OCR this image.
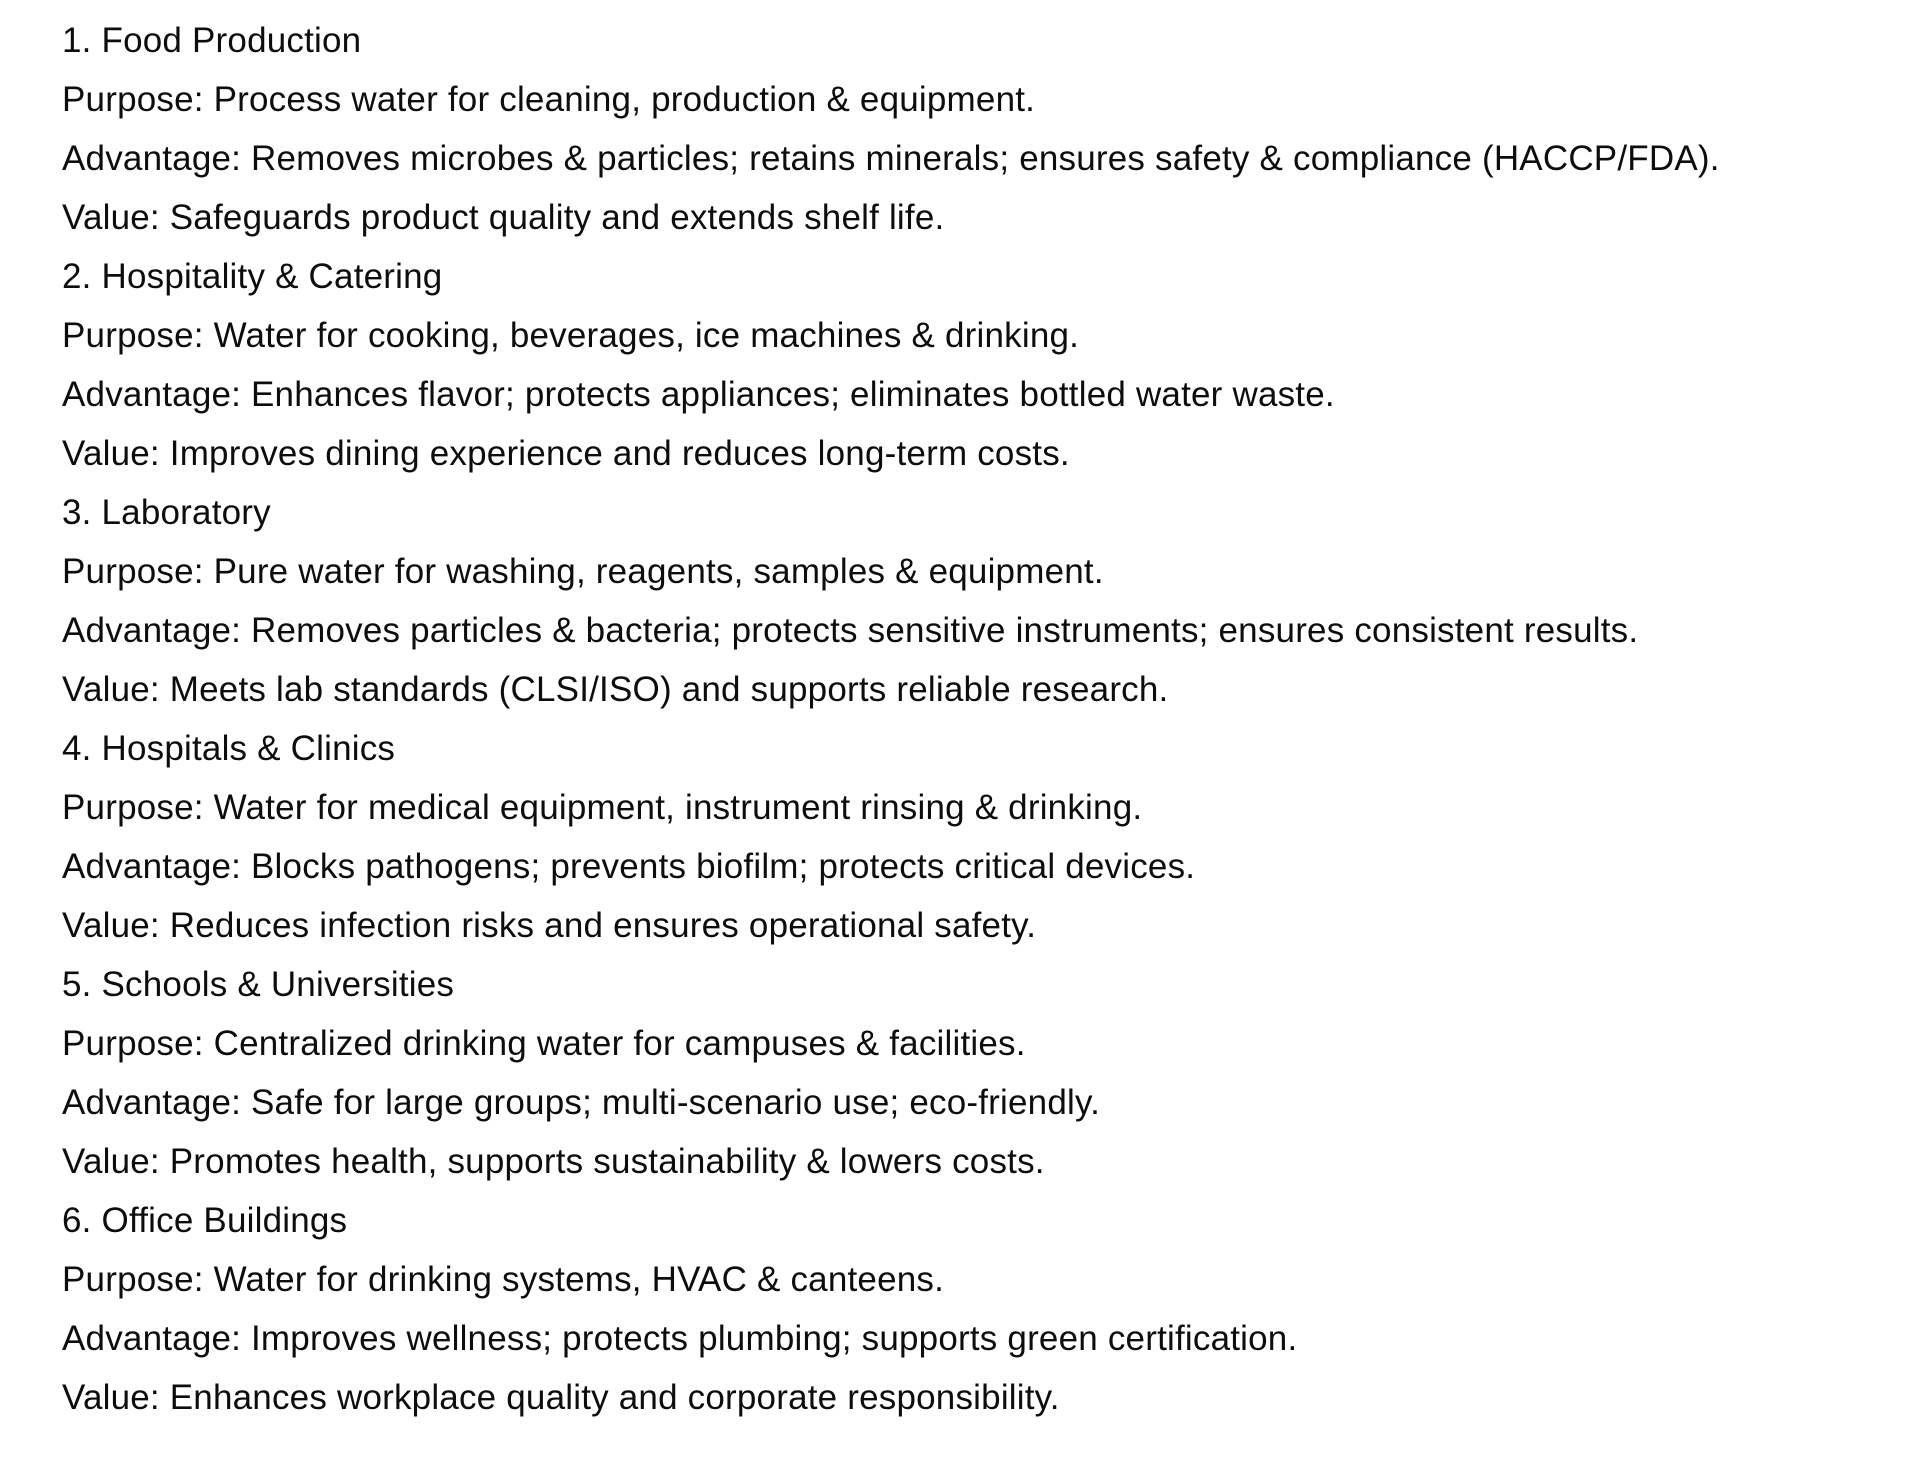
1. Food Production
Purpose: Process water for cleaning, production & equipment.
Advantage: Removes microbes & particles; retains minerals; ensures safety & compliance (HACCP/FDA).
Value: Safeguards product quality and extends shelf life.
2. Hospitality & Catering
Purpose: Water for cooking, beverages, ice machines & drinking.
Advantage: Enhances flavor; protects appliances; eliminates bottled water waste.
Value: Improves dining experience and reduces long-term costs.
3. Laboratory
Purpose: Pure water for washing, reagents, samples & equipment.
Advantage: Removes particles & bacteria; protects sensitive instruments; ensures consistent results.
Value: Meets lab standards (CLSI/ISO) and supports reliable research.
4. Hospitals & Clinics
Purpose: Water for medical equipment, instrument rinsing & drinking.
Advantage: Blocks pathogens; prevents biofilm; protects critical devices.
Value: Reduces infection risks and ensures operational safety.
5. Schools & Universities
Purpose: Centralized drinking water for campuses & facilities.
Advantage: Safe for large groups; multi-scenario use; eco-friendly.
Value: Promotes health, supports sustainability & lowers costs.
6. Office Buildings
Purpose: Water for drinking systems, HVAC & canteens.
Advantage: Improves wellness; protects plumbing; supports green certification.
Value: Enhances workplace quality and corporate responsibility.
